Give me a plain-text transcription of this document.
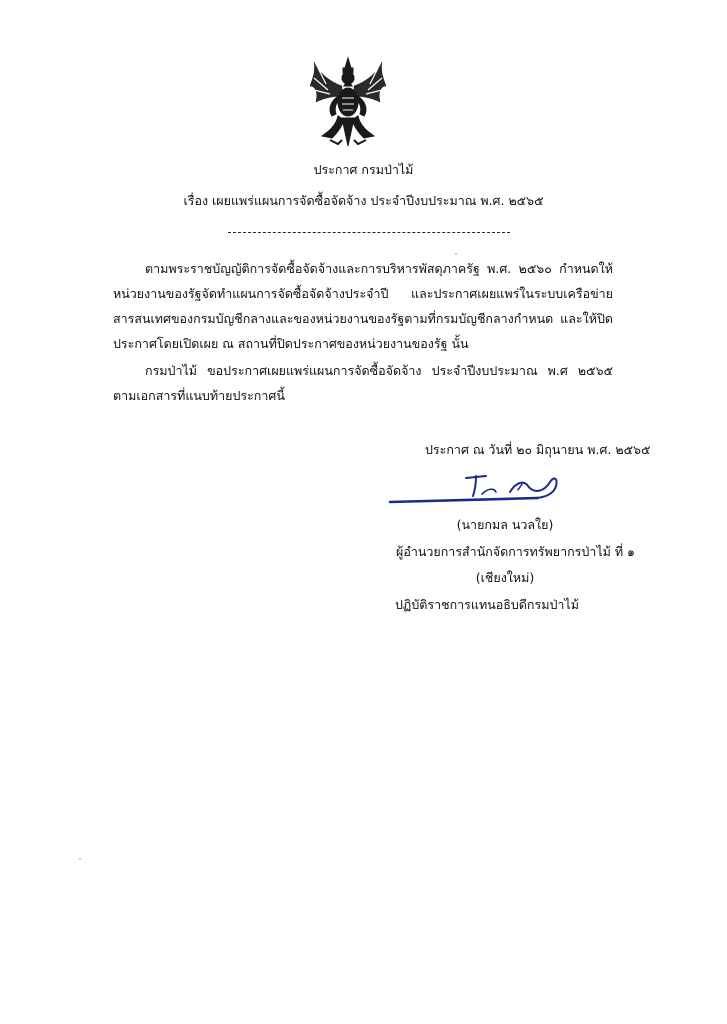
ประกาศ กรมป่าไม้
เรื่อง เผยแพร่แผนการจัดซื้อจัดจ้าง ประจำปีงบประมาณ พ.ศ. ๒๕๖๕
ตามพระราชบัญญัติการจัดซื้อจัดจ้างและการบริหารพัสดุภาครัฐ พ.ศ. ๒๕๖๐ กำหนดให้หน่วยงานของรัฐจัดทำแผนการจัดซื้อจัดจ้างประจำปี และประกาศเผยแพร่ในระบบเครือข่ายสารสนเทศของกรมบัญชีกลางและของหน่วยงานของรัฐตามที่กรมบัญชีกลางกำหนด และให้ปิดประกาศโดยเปิดเผย ณ สถานที่ปิดประกาศของหน่วยงานของรัฐ นั้น
กรมป่าไม้ ขอประกาศเผยแพร่แผนการจัดซื้อจัดจ้าง ประจำปีงบประมาณ พ.ศ ๒๕๖๕ ตามเอกสารที่แนบท้ายประกาศนี้
ประกาศ ณ วันที่ ๒๐ มิถุนายน พ.ศ. ๒๕๖๕
(นายกมล นวลใย)
ผู้อำนวยการสำนักจัดการทรัพยากรป่าไม้ ที่ ๑
(เชียงใหม่)
ปฏิบัติราชการแทนอธิบดีกรมป่าไม้
